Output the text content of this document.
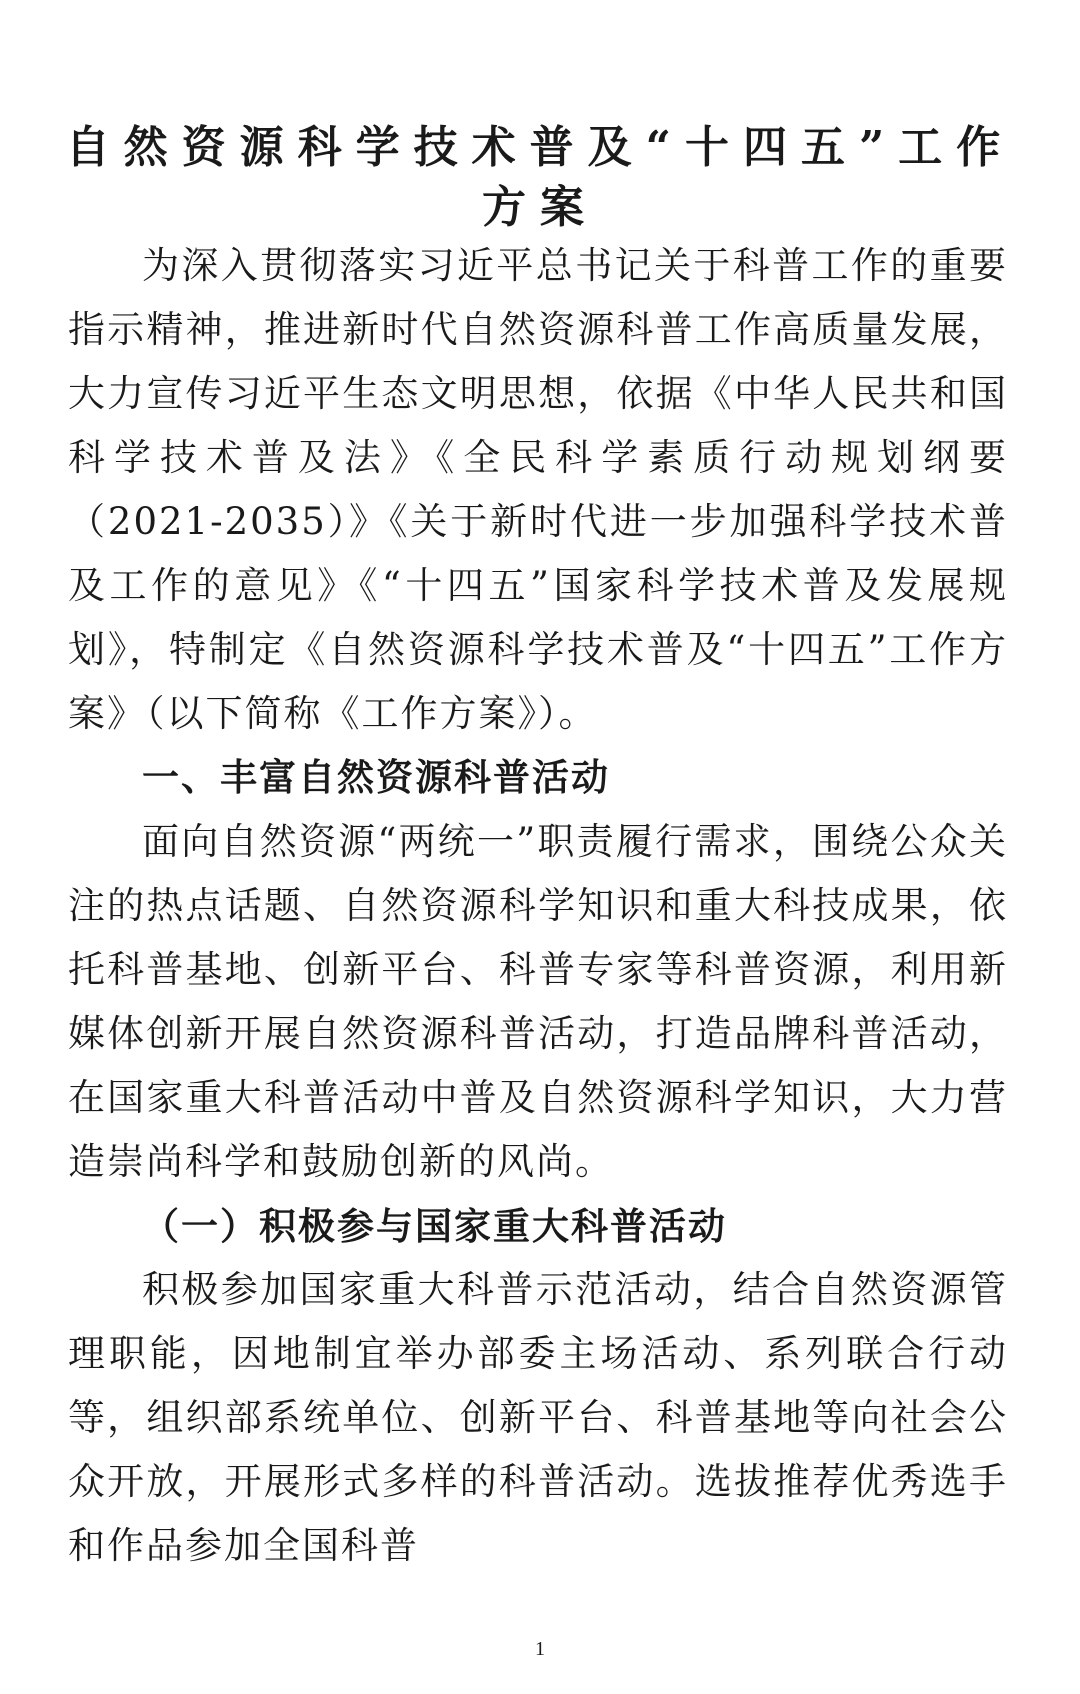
自然资源科学技术普及“十四五”工作方案

为深入贯彻落实习近平总书记关于科普工作的重要指示精神，推进新时代自然资源科普工作高质量发展，大力宣传习近平生态文明思想，依据《中华人民共和国科学技术普及法》《全民科学素质行动规划纲要（2021-2035）》《关于新时代进一步加强科学技术普及工作的意见》《“十四五”国家科学技术普及发展规划》，特制定《自然资源科学技术普及“十四五”工作方案》（以下简称《工作方案》）。

一、丰富自然资源科普活动

面向自然资源“两统一”职责履行需求，围绕公众关注的热点话题、自然资源科学知识和重大科技成果，依托科普基地、创新平台、科普专家等科普资源，利用新媒体创新开展自然资源科普活动，打造品牌科普活动，在国家重大科普活动中普及自然资源科学知识，大力营造崇尚科学和鼓励创新的风尚。

（一）积极参与国家重大科普活动

积极参加国家重大科普示范活动，结合自然资源管理职能，因地制宜举办部委主场活动、系列联合行动等，组织部系统单位、创新平台、科普基地等向社会公众开放，开展形式多样的科普活动。选拔推荐优秀选手和作品参加全国科普

1
